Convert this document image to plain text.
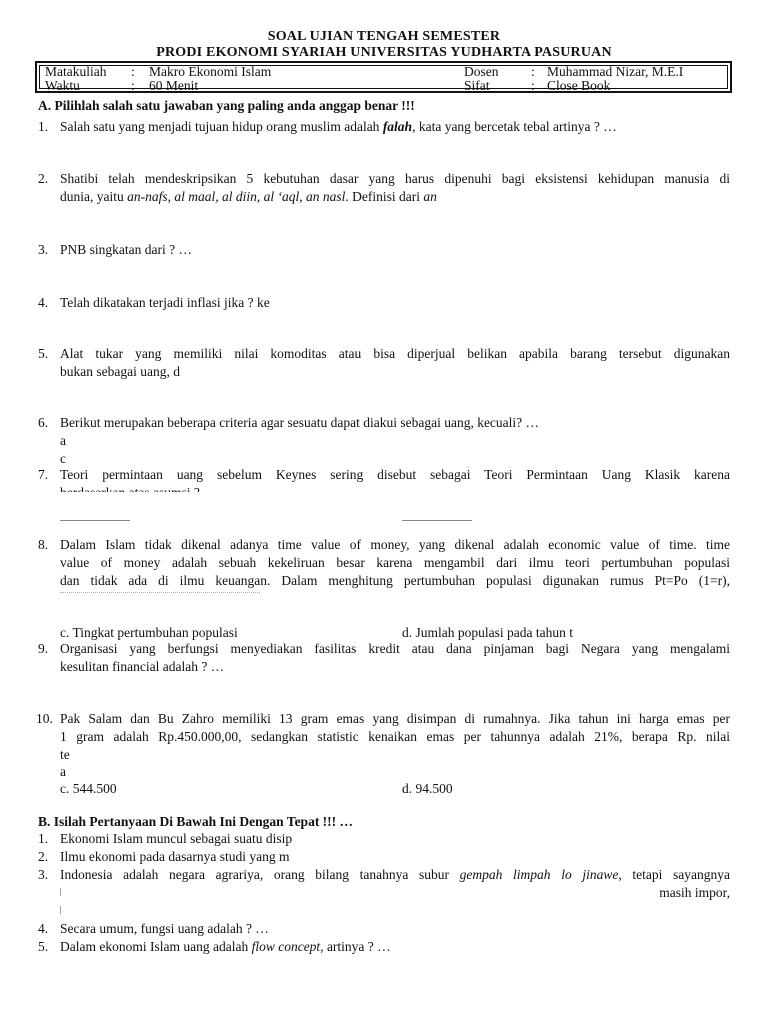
SOAL UJIAN TENGAH SEMESTER
PRODI EKONOMI SYARIAH UNIVERSITAS YUDHARTA PASURUAN
Matakuliah : Makro Ekonomi Islam
Waktu	: 60 Menit
Dosen : Muhammad Nizar, M.E.I
Sifat	: Close Book
A. Pilihlah salah satu jawaban yang paling anda anggap benar !!!
1. Salah satu yang menjadi tujuan hidup orang muslim adalah falah, kata yang bercetak tebal artinya ? …
2. Shatibi telah mendeskripsikan 5 kebutuhan dasar yang harus dipenuhi bagi eksistensi kehidupan manusia di
dunia, yaitu an-nafs, al maal, al diin, al ‘aql, an nasl. Definisi dari an
3. PNB singkatan dari ? …
4. Telah dikatakan terjadi inflasi jika ? ke
5. Alat tukar yang memiliki nilai komoditas atau bisa diperjual belikan apabila barang tersebut digunakan
bukan sebagai uang, d
6. Berikut merupakan beberapa criteria agar sesuatu dapat diakui sebagai uang, kecuali? …
a
c
7. Teori permintaan uang sebelum Keynes sering disebut sebagai Teori Permintaan Uang Klasik karena
8. Dalam Islam tidak dikenal adanya time value of money, yang dikenal adalah economic value of time. time
value of money adalah sebuah kekeliruan besar karena mengambil dari ilmu teori pertumbuhan populasi
dan tidak ada di ilmu keuangan. Dalam menghitung pertumbuhan populasi digunakan rumus Pt=Po (1=r),
c. Tingkat pertumbuhan populasi	d. Jumlah populasi pada tahun t
9. Organisasi yang berfungsi menyediakan fasilitas kredit atau dana pinjaman bagi Negara yang mengalami
kesulitan financial adalah ? …
10. Pak Salam dan Bu Zahro memiliki 13 gram emas yang disimpan di rumahnya. Jika tahun ini harga emas per
1 gram adalah Rp.450.000,00, sedangkan statistic kenaikan emas per tahunnya adalah 21%, berapa Rp. nilai
te
a
c. 544.500	d. 94.500
B. Isilah Pertanyaan Di Bawah Ini Dengan Tepat !!! …
1. Ekonomi Islam muncul sebagai suatu disip
2. Ilmu ekonomi pada dasarnya studi yang m
3. Indonesia adalah negara agrariya, orang bilang tanahnya subur gempah limpah lo jinawe, tetapi sayangnya
masih impor,
4. Secara umum, fungsi uang adalah ? …
5. Dalam ekonomi Islam uang adalah flow concept, artinya ? …
